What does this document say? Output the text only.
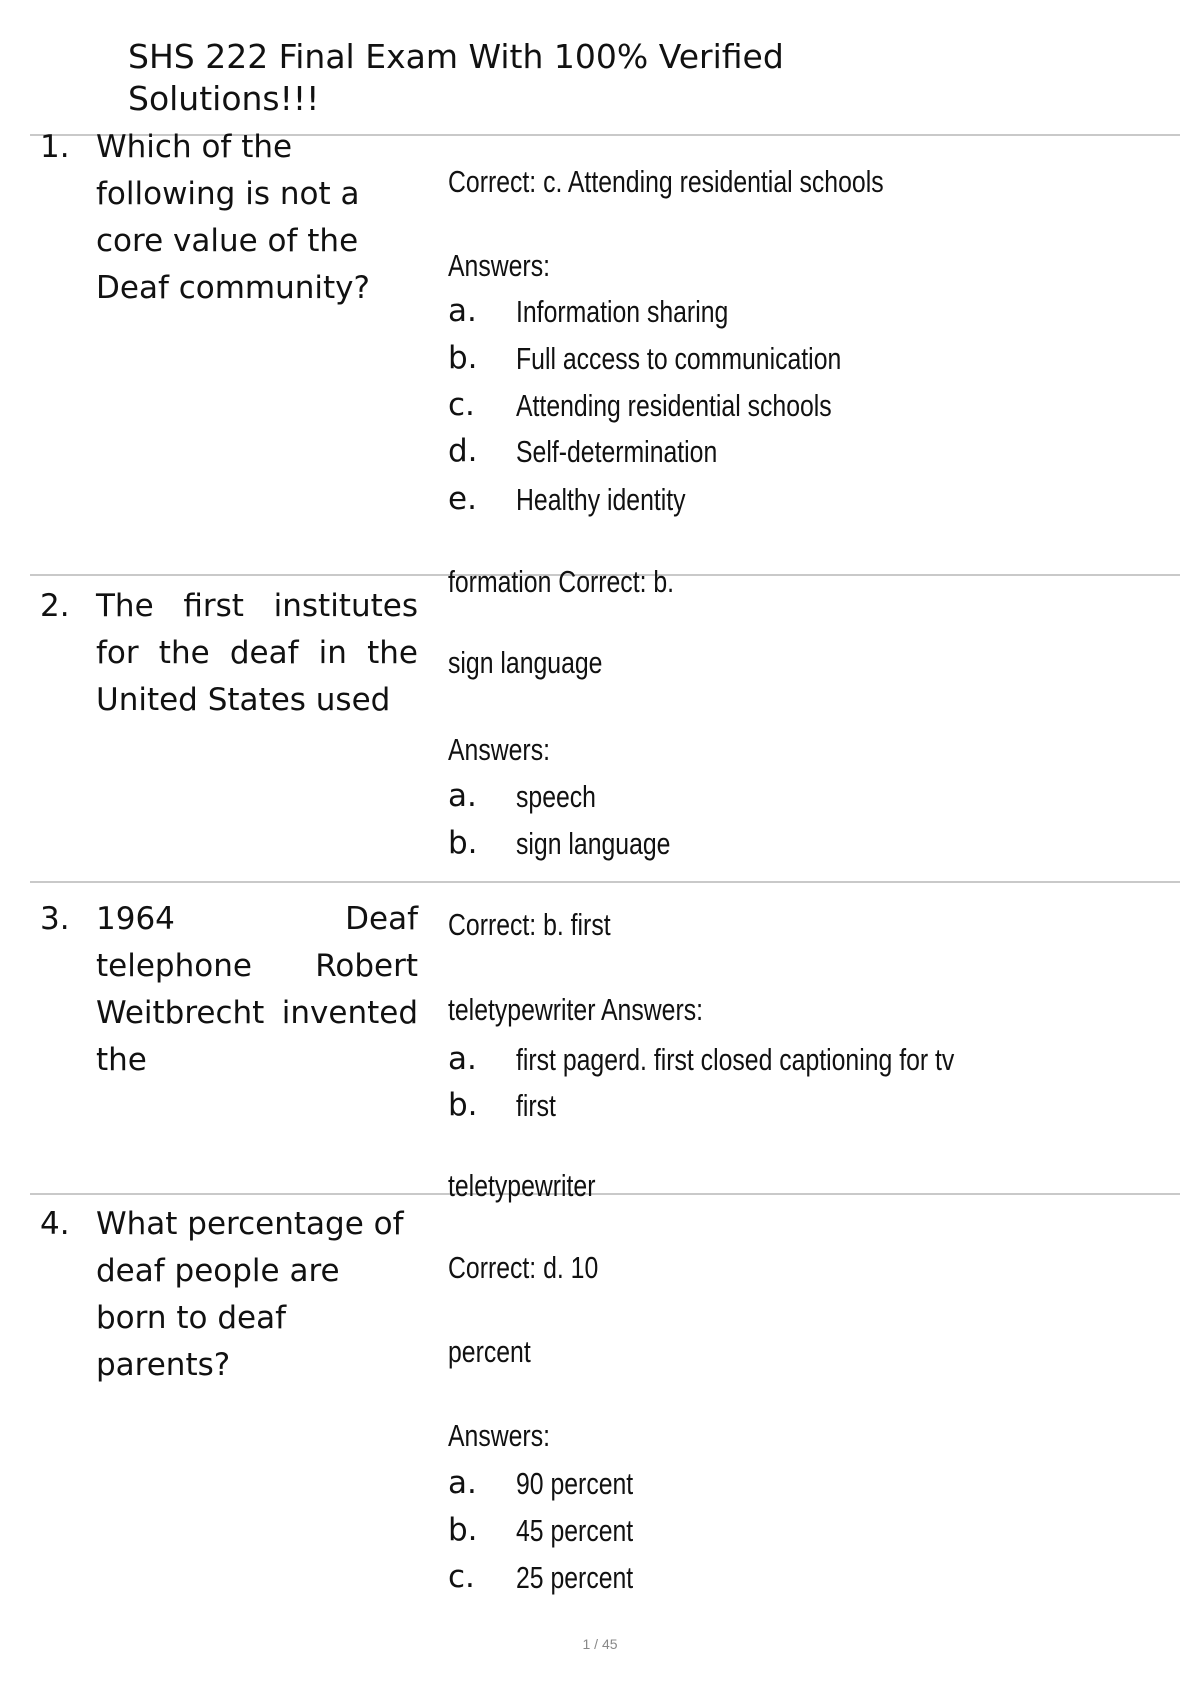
SHS 222 Final Exam With 100% Verified Solutions!!!
1. Which of the following is not a core value of the Deaf community?
Correct: c. Attending residential schools
Answers:
a. Information sharing
b. Full access to communication
c. Attending residential schools
d. Self-determination
e. Healthy identity
formation Correct: b.
2. The first institutes for the deaf in the United States used
sign language
Answers:
a. speech
b. sign language
3. 1964 Deaf telephone Robert Weitbrecht invented the
Correct: b. first
teletypewriter Answers:
a. first pagerd. first closed captioning for tv
b. first
teletypewriter
4. What percentage of deaf people are born to deaf parents?
Correct: d. 10
percent
Answers:
a. 90 percent
b. 45 percent
c. 25 percent
1 / 45
